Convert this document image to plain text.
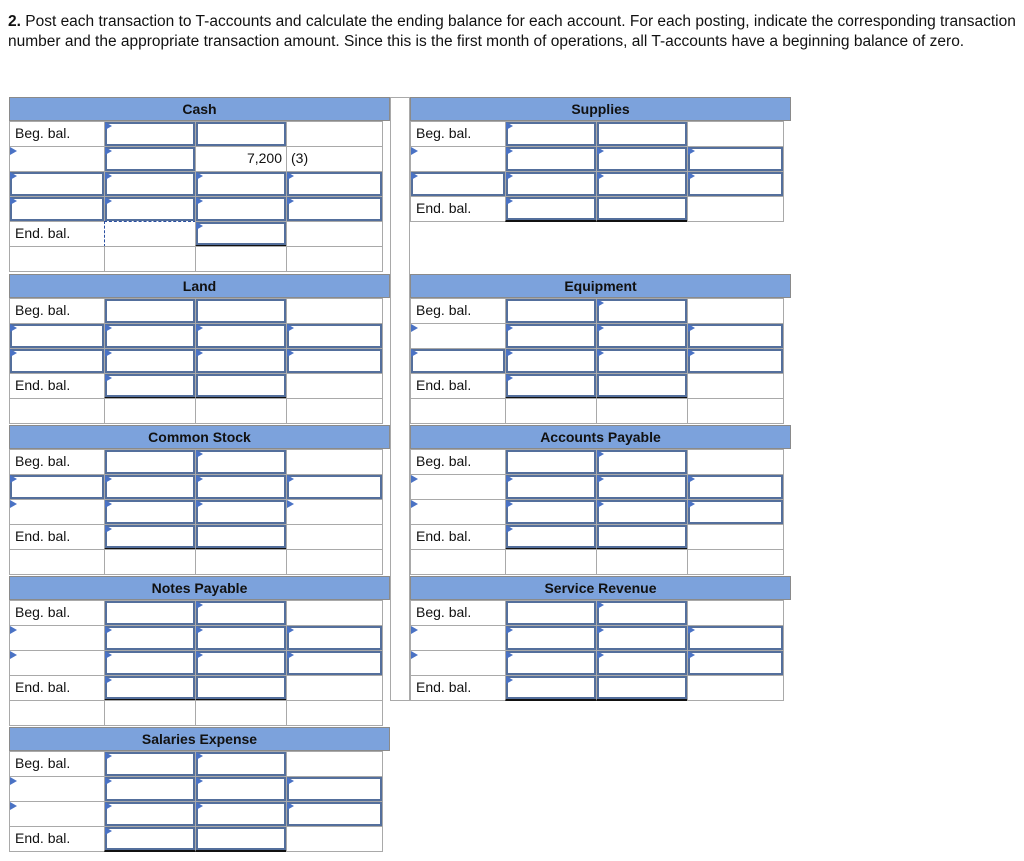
2. Post each transaction to T-accounts and calculate the ending balance for each account. For each posting, indicate the corresponding transaction number and the appropriate transaction amount. Since this is the first month of operations, all T-accounts have a beginning balance of zero.
Cash
Beg. bal.
7,200 (3)
End. bal.
Supplies
Beg. bal.
End. bal.
Land
Beg. bal.
End. bal.
Equipment
Beg. bal.
End. bal.
Common Stock
Beg. bal.
End. bal.
Accounts Payable
Beg. bal.
End. bal.
Notes Payable
Beg. bal.
End. bal.
Service Revenue
Beg. bal.
End. bal.
Salaries Expense
Beg. bal.
End. bal.
